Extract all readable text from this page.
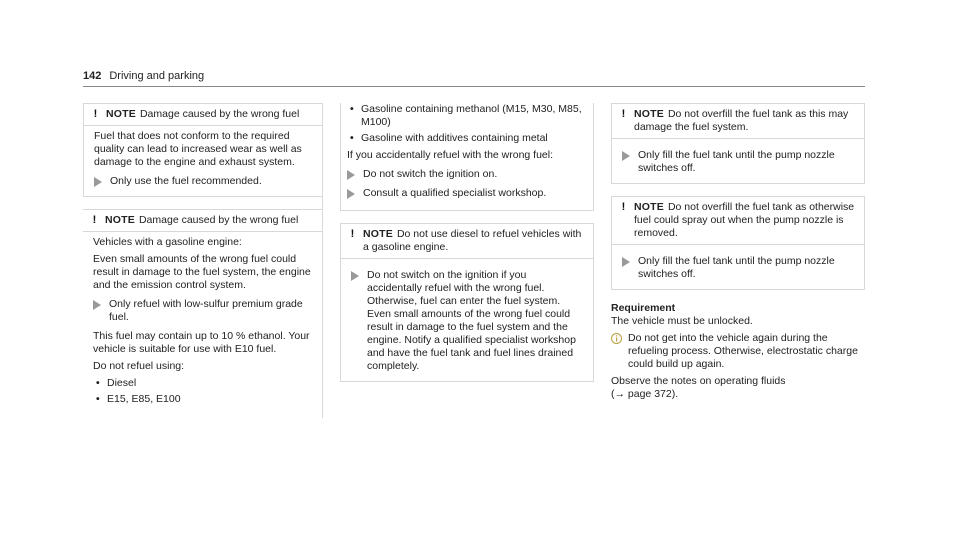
142 Driving and parking
! NOTE Damage caused by the wrong fuel

Fuel that does not conform to the required quality can lead to increased wear as well as damage to the engine and exhaust system.

Only use the fuel recommended.
! NOTE Damage caused by the wrong fuel

Vehicles with a gasoline engine:

Even small amounts of the wrong fuel could result in damage to the fuel system, the engine and the emission control system.

Only refuel with low-sulfur premium grade fuel.

This fuel may contain up to 10 % ethanol. Your vehicle is suitable for use with E10 fuel.

Do not refuel using:

• Diesel
• E15, E85, E100
• Gasoline containing methanol (M15, M30, M85, M100)
• Gasoline with additives containing metal

If you accidentally refuel with the wrong fuel:

Do not switch the ignition on.
Consult a qualified specialist workshop.
! NOTE Do not use diesel to refuel vehicles with a gasoline engine.
Do not switch on the ignition if you accidentally refuel with the wrong fuel. Otherwise, fuel can enter the fuel system. Even small amounts of the wrong fuel could result in damage to the fuel system and the engine. Notify a qualified specialist workshop and have the fuel tank and fuel lines drained completely.
! NOTE Do not overfill the fuel tank as this may damage the fuel system.
Only fill the fuel tank until the pump nozzle switches off.
! NOTE Do not overfill the fuel tank as otherwise fuel could spray out when the pump nozzle is removed.
Only fill the fuel tank until the pump nozzle switches off.
Requirement

The vehicle must be unlocked.

Do not get into the vehicle again during the refueling process. Otherwise, electrostatic charge could build up again.

Observe the notes on operating fluids
(→ page 372).
